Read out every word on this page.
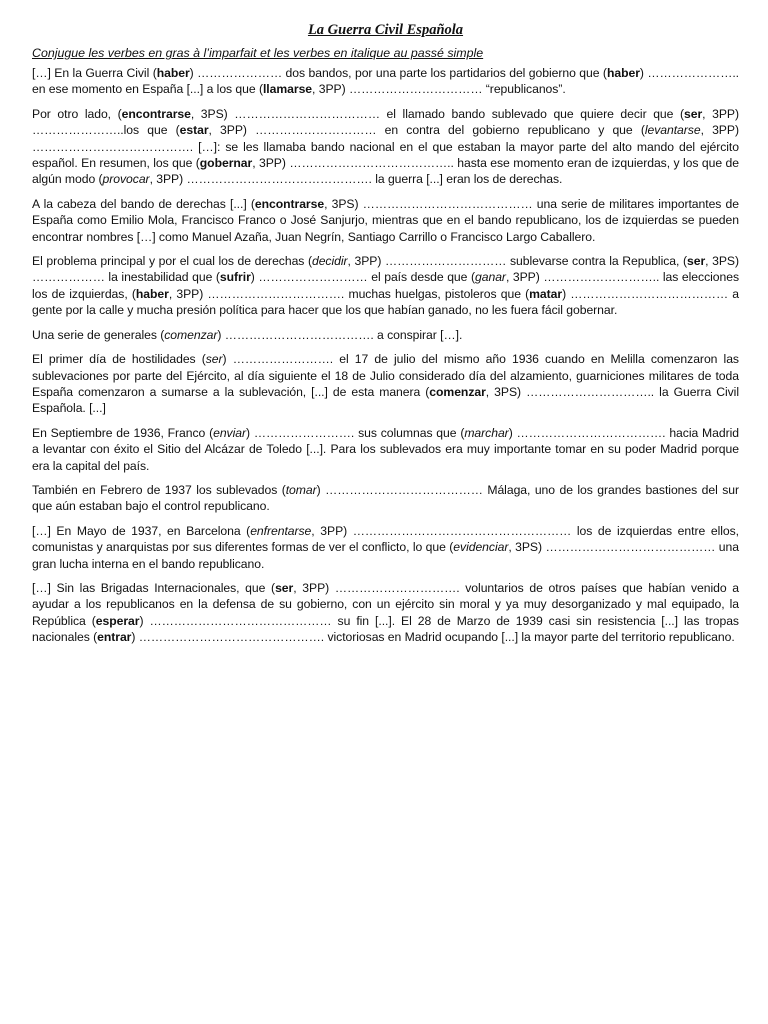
La Guerra Civil Española
Conjugue les verbes en gras à l’imparfait et les verbes en italique au passé simple
[…] En la Guerra Civil (haber) ………………… dos bandos, por una parte los partidarios del gobierno que (haber) ………………….. en ese momento en España [...] a los que (llamarse, 3PP) …………………………… “republicanos”.
Por otro lado, (encontrarse, 3PS) ……………………………… el llamado bando sublevado que quiere decir que (ser, 3PP) …………………..los que (estar, 3PP) ………………………… en contra del gobierno republicano y que (levantarse, 3PP) …………………………………. […]: se les llamaba bando nacional en el que estaban la mayor parte del alto mando del ejército español. En resumen, los que (gobernar, 3PP) ………………………………….. hasta ese momento eran de izquierdas, y los que de algún modo (provocar, 3PP) ………………………………………. la guerra [...] eran los de derechas.
A la cabeza del bando de derechas [...] (encontrarse, 3PS) …………………………………… una serie de militares importantes de España como Emilio Mola, Francisco Franco o José Sanjurjo, mientras que en el bando republicano, los de izquierdas se pueden encontrar nombres […] como Manuel Azaña, Juan Negrín, Santiago Carrillo o Francisco Largo Caballero.
El problema principal y por el cual los de derechas (decidir, 3PP) ………………………… sublevarse contra la Republica, (ser, 3PS) ……………… la inestabilidad que (sufrir) ……………………… el país desde que (ganar, 3PP) ……………………….. las elecciones los de izquierdas, (haber, 3PP) ……………………………. muchas huelgas, pistoleros que (matar) ………………………………… a gente por la calle y mucha presión política para hacer que los que habían ganado, no les fuera fácil gobernar.
Una serie de generales (comenzar) ………………………………. a conspirar […].
El primer día de hostilidades (ser) ……………………. el 17 de julio del mismo año 1936 cuando en Melilla comenzaron las sublevaciones por parte del Ejército, al día siguiente el 18 de Julio considerado día del alzamiento, guarniciones militares de toda España comenzaron a sumarse a la sublevación, [...] de esta manera (comenzar, 3PS) ………………………….. la Guerra Civil Española. [...]
En Septiembre de 1936, Franco (enviar) ……………………. sus columnas que (marchar) ………………………………. hacia Madrid a levantar con éxito el Sitio del Alcázar de Toledo [...]. Para los sublevados era muy importante tomar en su poder Madrid porque era la capital del país.
También en Febrero de 1937 los sublevados (tomar) ………………………………… Málaga, uno de los grandes bastiones del sur que aún estaban bajo el control republicano.
[…] En Mayo de 1937, en Barcelona (enfrentarse, 3PP) ……………………………………………… los de izquierdas entre ellos, comunistas y anarquistas por sus diferentes formas de ver el conflicto, lo que (evidenciar, 3PS) …………………………………… una gran lucha interna en el bando republicano.
[…] Sin las Brigadas Internacionales, que (ser, 3PP) …………………………. voluntarios de otros países que habían venido a ayudar a los republicanos en la defensa de su gobierno, con un ejército sin moral y ya muy desorganizado y mal equipado, la República (esperar) ……………………………………… su fin [...]. El 28 de Marzo de 1939 casi sin resistencia [...] las tropas nacionales (entrar) ………………………………………. victoriosas en Madrid ocupando [...] la mayor parte del territorio republicano.
